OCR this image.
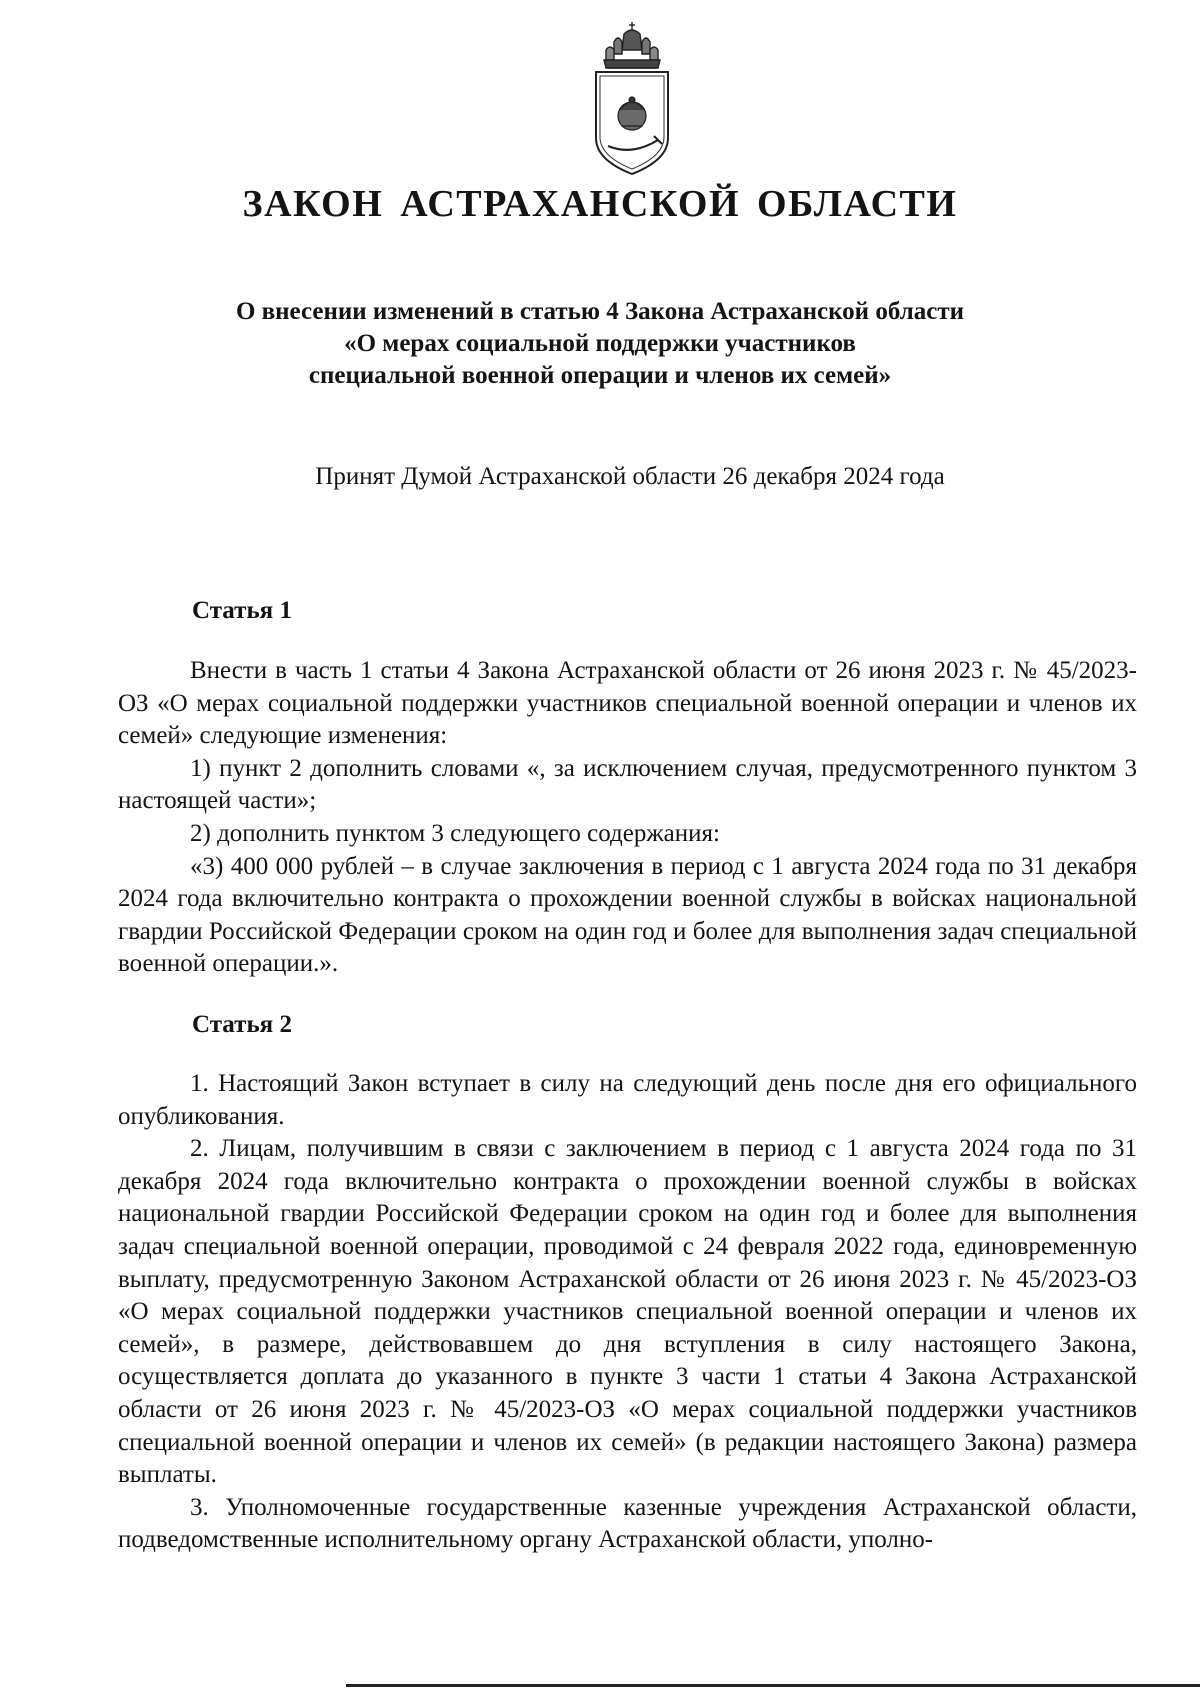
ЗАКОН АСТРАХАНСКОЙ ОБЛАСТИ
О внесении изменений в статью 4 Закона Астраханской области
«О мерах социальной поддержки участников
специальной военной операции и членов их семей»
Принят Думой Астраханской области 26 декабря 2024 года
Статья 1

Внести в часть 1 статьи 4 Закона Астраханской области от 26 июня 2023 г. № 45/2023-ОЗ «О мерах социальной поддержки участников специальной военной операции и членов их семей» следующие изменения:

1) пункт 2 дополнить словами «, за исключением случая, предусмотренного пунктом 3 настоящей части»;

2) дополнить пунктом 3 следующего содержания:

«3) 400 000 рублей – в случае заключения в период с 1 августа 2024 года по 31 декабря 2024 года включительно контракта о прохождении военной службы в войсках национальной гвардии Российской Федерации сроком на один год и более для выполнения задач специальной военной операции.».

Статья 2

1. Настоящий Закон вступает в силу на следующий день после дня его официального опубликования.

2. Лицам, получившим в связи с заключением в период с 1 августа 2024 года по 31 декабря 2024 года включительно контракта о прохождении военной службы в войсках национальной гвардии Российской Федерации сроком на один год и более для выполнения задач специальной военной операции, проводимой с 24 февраля 2022 года, единовременную выплату, предусмотренную Законом Астраханской области от 26 июня 2023 г. № 45/2023-ОЗ «О мерах социальной поддержки участников специальной военной операции и членов их семей», в размере, действовавшем до дня вступления в силу настоящего Закона, осуществляется доплата до указанного в пункте 3 части 1 статьи 4 Закона Астраханской области от 26 июня 2023 г. № 45/2023-ОЗ «О мерах социальной поддержки участников специальной военной операции и членов их семей» (в редакции настоящего Закона) размера выплаты.

3. Уполномоченные государственные казенные учреждения Астраханской области, подведомственные исполнительному органу Астраханской области, уполно-
